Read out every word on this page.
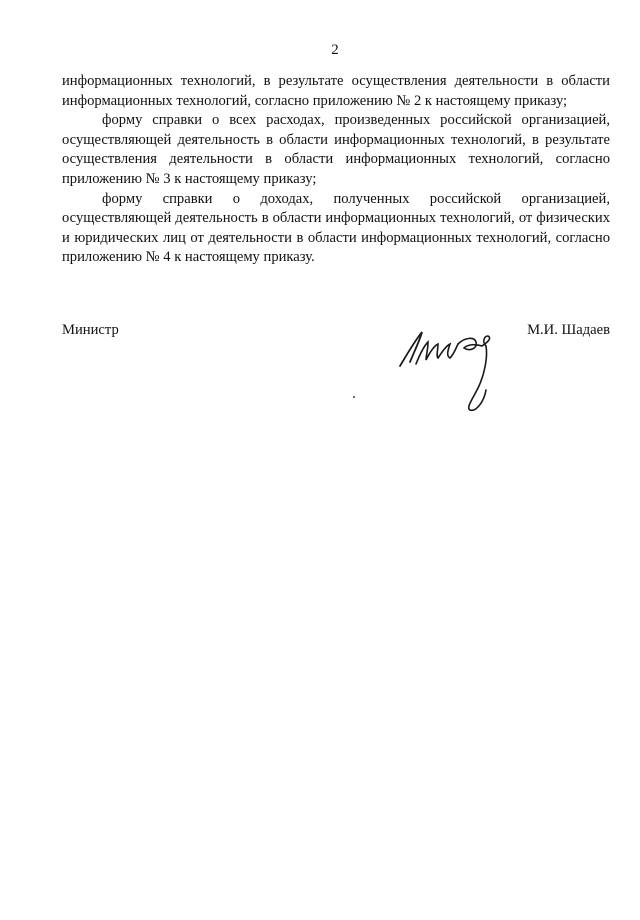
2

информационных технологий, в результате осуществления деятельности в области информационных технологий, согласно приложению № 2 к настоящему приказу;

форму справки о всех расходах, произведенных российской организацией, осуществляющей деятельность в области информационных технологий, в результате осуществления деятельности в области информационных технологий, согласно приложению № 3 к настоящему приказу;

форму справки о доходах, полученных российской организацией, осуществляющей деятельность в области информационных технологий, от физических и юридических лиц от деятельности в области информационных технологий, согласно приложению № 4 к настоящему приказу.

Министр	М.И. Шадаев
